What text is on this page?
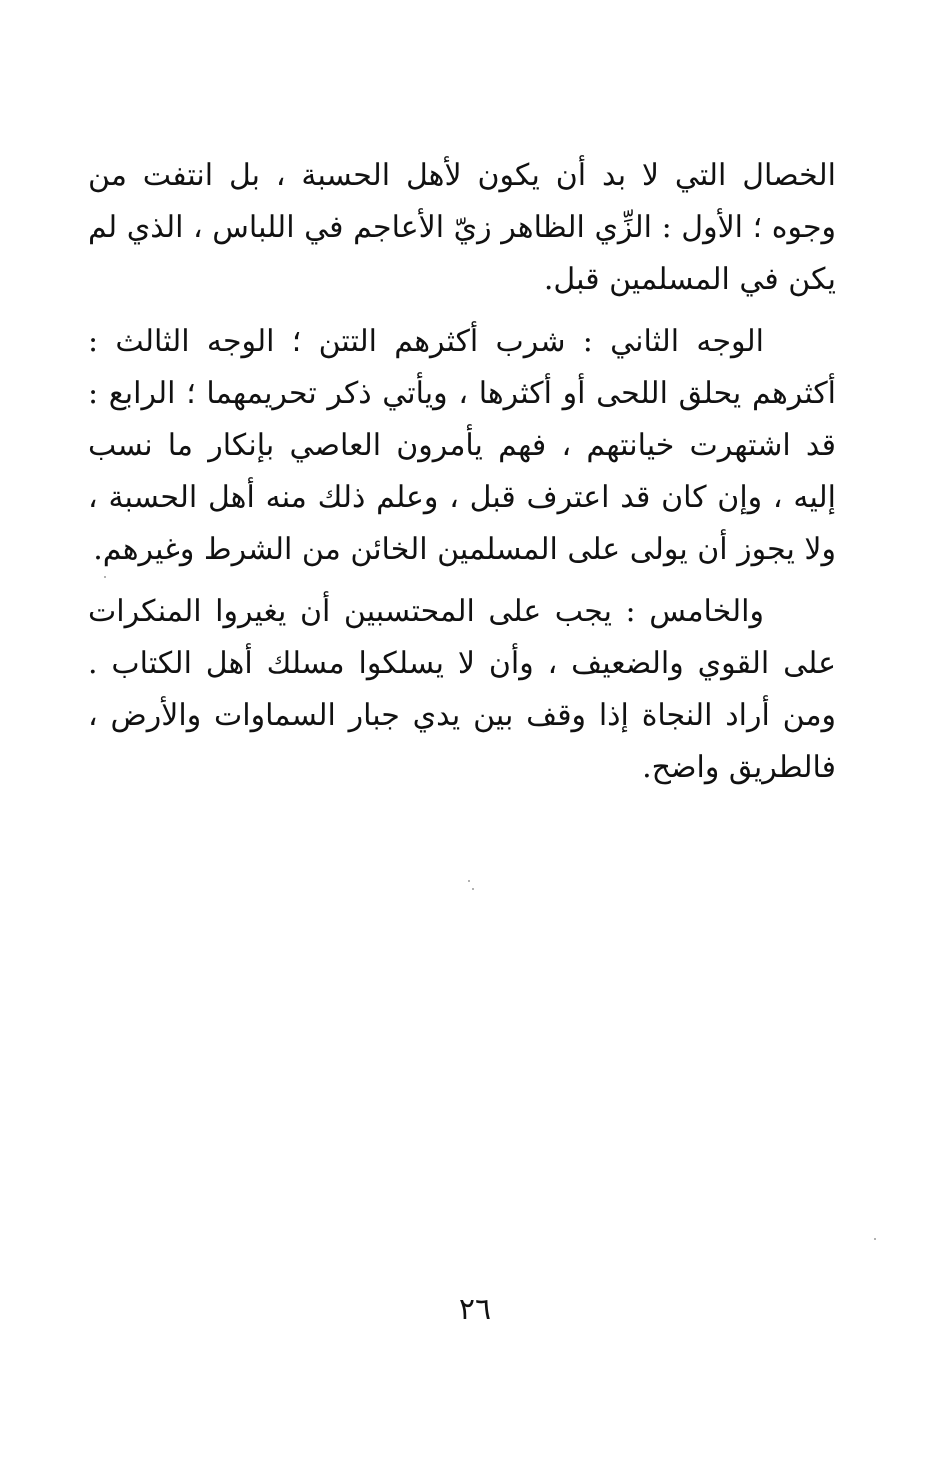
الخصال التي لا بد أن يكون لأهل الحسبة ، بل انتفت من وجوه ؛ الأول : الزِّي الظاهر زيّ الأعاجم في اللباس ، الذي لم يكن في المسلمين قبل.

الوجه الثاني : شرب أكثرهم التتن ؛ الوجه الثالث : أكثرهم يحلق اللحى أو أكثرها ، ويأتي ذكر تحريمهما ؛ الرابع : قد اشتهرت خيانتهم ، فهم يأمرون العاصي بإنكار ما نسب إليه ، وإن كان قد اعترف قبل ، وعلم ذلك منه أهل الحسبة ، ولا يجوز أن يولى على المسلمين الخائن من الشرط وغيرهم.

والخامس : يجب على المحتسبين أن يغيروا المنكرات على القوي والضعيف ، وأن لا يسلكوا مسلك أهل الكتاب . ومن أراد النجاة إذا وقف بين يدي جبار السماوات والأرض ، فالطريق واضح.

٢٦
